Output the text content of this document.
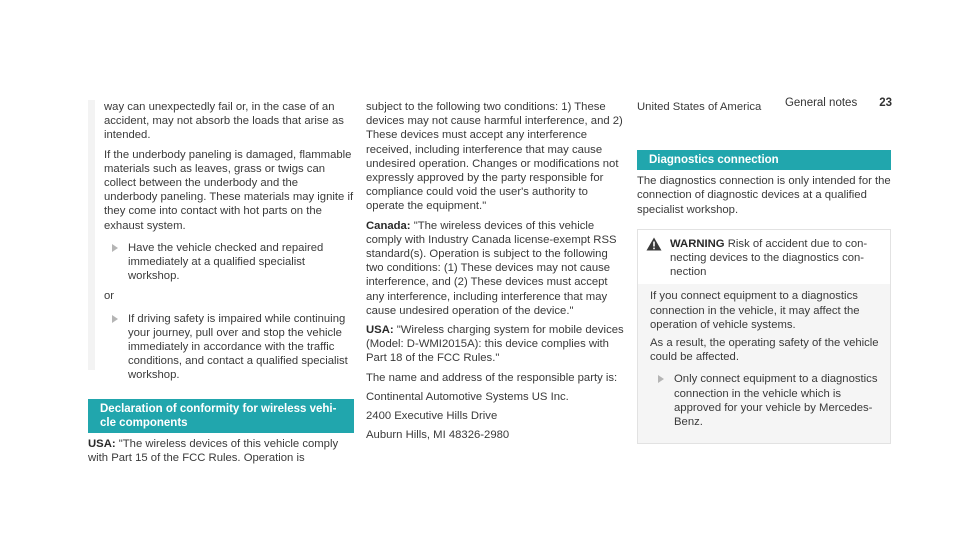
General notes 23

way can unexpectedly fail or, in the case of an accident, may not absorb the loads that arise as intended.

If the underbody paneling is damaged, flammable materials such as leaves, grass or twigs can collect between the underbody and the underbody paneling. These materials may ignite if they come into contact with hot parts on the exhaust system.

Have the vehicle checked and repaired immediately at a qualified specialist workshop.
or
If driving safety is impaired while continuing your journey, pull over and stop the vehicle immediately in accordance with the traffic conditions, and contact a qualified specialist workshop.
Declaration of conformity for wireless vehicle components
USA: "The wireless devices of this vehicle comply with Part 15 of the FCC Rules. Operation is

subject to the following two conditions: 1) These devices may not cause harmful interference, and 2) These devices must accept any interference received, including interference that may cause undesired operation. Changes or modifications not expressly approved by the party responsible for compliance could void the user's authority to operate the equipment."

Canada: "The wireless devices of this vehicle comply with Industry Canada license-exempt RSS standard(s). Operation is subject to the following two conditions: (1) These devices may not cause interference, and (2) These devices must accept any interference, including interference that may cause undesired operation of the device."

USA: "Wireless charging system for mobile devices (Model: D-WMI2015A): this device complies with Part 18 of the FCC Rules."

The name and address of the responsible party is:

Continental Automotive Systems US Inc.

2400 Executive Hills Drive

Auburn Hills, MI 48326-2980

United States of America

Diagnostics connection

The diagnostics connection is only intended for the connection of diagnostic devices at a qualified specialist workshop.

WARNING Risk of accident due to connecting devices to the diagnostics connection

If you connect equipment to a diagnostics connection in the vehicle, it may affect the operation of vehicle systems.

As a result, the operating safety of the vehicle could be affected.

Only connect equipment to a diagnostics connection in the vehicle which is approved for your vehicle by Mercedes-Benz.
